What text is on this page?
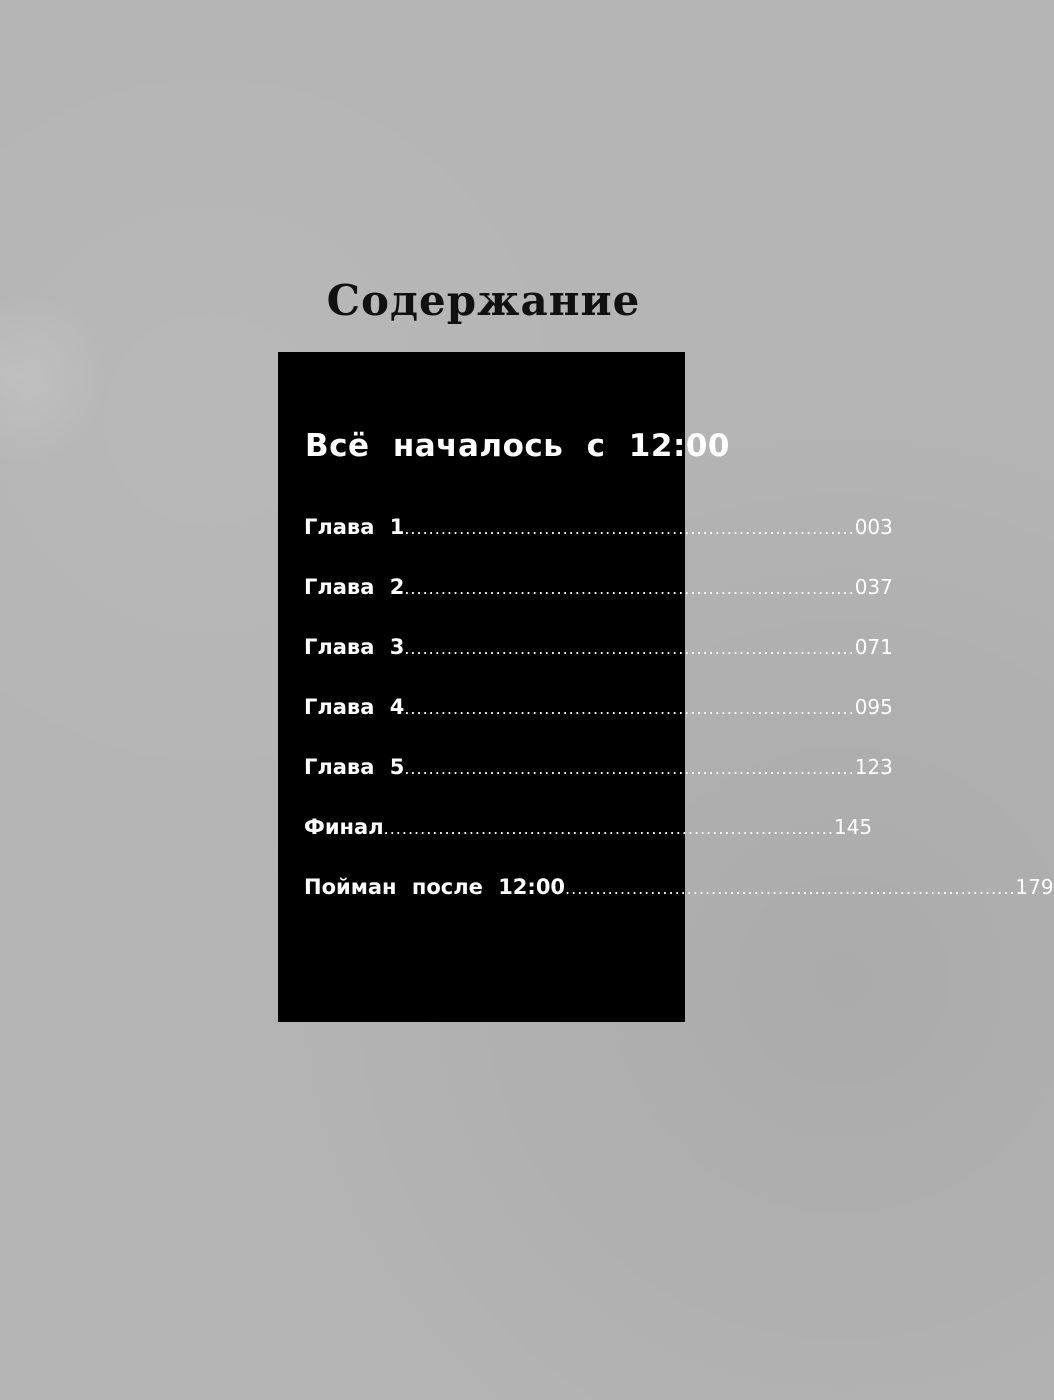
Содержание
Всё началось с 12:00
Глава 1 .......................................................................... 003
Глава 2 .......................................................................... 037
Глава 3 .......................................................................... 071
Глава 4 .......................................................................... 095
Глава 5 .......................................................................... 123
Финал .......................................................................... 145
Пойман после 12:00 .......................................................................... 179
